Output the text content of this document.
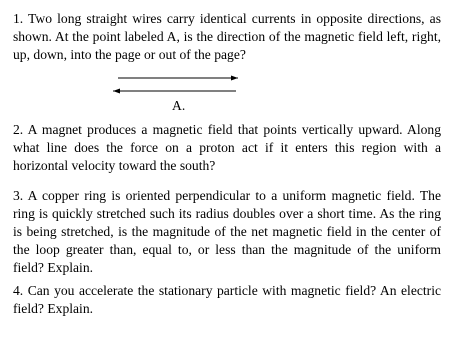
1. Two long straight wires carry identical currents in opposite directions, as shown. At the point labeled A, is the direction of the magnetic field left, right, up, down, into the page or out of the page?

A.

2. A magnet produces a magnetic field that points vertically upward. Along what line does the force on a proton act if it enters this region with a horizontal velocity toward the south?

3. A copper ring is oriented perpendicular to a uniform magnetic field. The ring is quickly stretched such its radius doubles over a short time. As the ring is being stretched, is the magnitude of the net magnetic field in the center of the loop greater than, equal to, or less than the magnitude of the uniform field? Explain.

4. Can you accelerate the stationary particle with magnetic field? An electric field? Explain.
